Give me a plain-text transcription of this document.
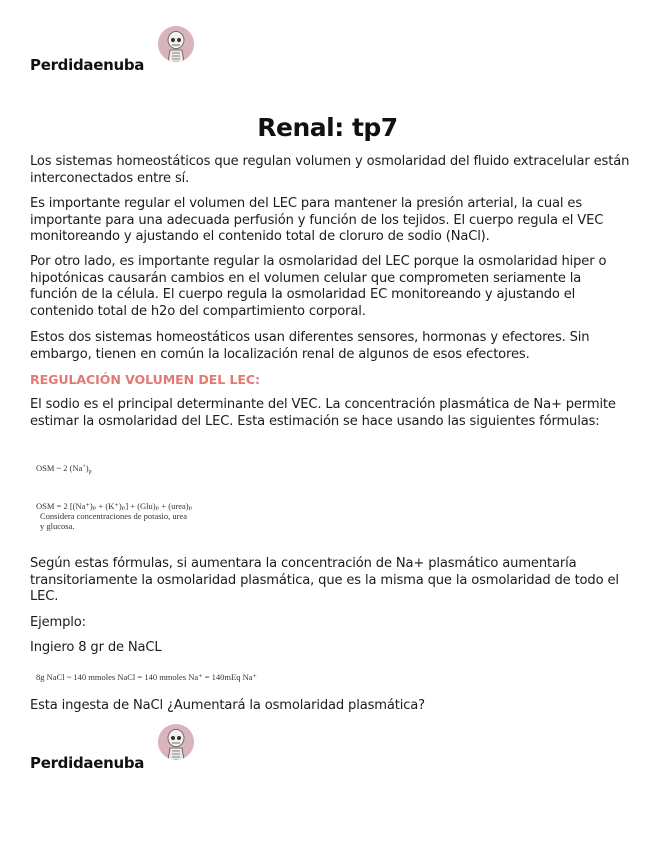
Perdidaenuba
Renal: tp7

Los sistemas homeostáticos que regulan volumen y osmolaridad del fluido extracelular están interconectados entre sí.

Es importante regular el volumen del LEC para mantener la presión arterial, la cual es importante para una adecuada perfusión y función de los tejidos. El cuerpo regula el VEC monitoreando y ajustando el contenido total de cloruro de sodio (NaCl).

Por otro lado, es importante regular la osmolaridad del LEC porque la osmolaridad hiper o hipotónicas causarán cambios en el volumen celular que comprometen seriamente la función de la célula. El cuerpo regula la osmolaridad EC monitoreando y ajustando el contenido total de h2o del compartimiento corporal.

Estos dos sistemas homeostáticos usan diferentes sensores, hormonas y efectores. Sin embargo, tienen en común la localización renal de algunos de esos efectores.

REGULACIÓN VOLUMEN DEL LEC:

El sodio es el principal determinante del VEC. La concentración plasmática de Na+ permite estimar la osmolaridad del LEC. Esta estimación se hace usando las siguientes fórmulas:

OSM ~ 2 $(Na^+)_p$
OSM = 2 [(Na⁺)ₚ + (K⁺)ₚ] + (Glu)ₚ + (urea)ₚ
Considera concentraciones de potasio, urea
y glucosa.

Según estas fórmulas, si aumentara la concentración de Na+ plasmático aumentaría transitoriamente la osmolaridad plasmática, que es la misma que la osmolaridad de todo el LEC.

Ejemplo:

Ingiero 8 gr de NaCL

8g NaCl ~ 140 mmoles NaCl = 140 mmoles Na⁺ = 140mEq Na⁺

Esta ingesta de NaCl ¿Aumentará la osmolaridad plasmática?

Perdidaenuba
